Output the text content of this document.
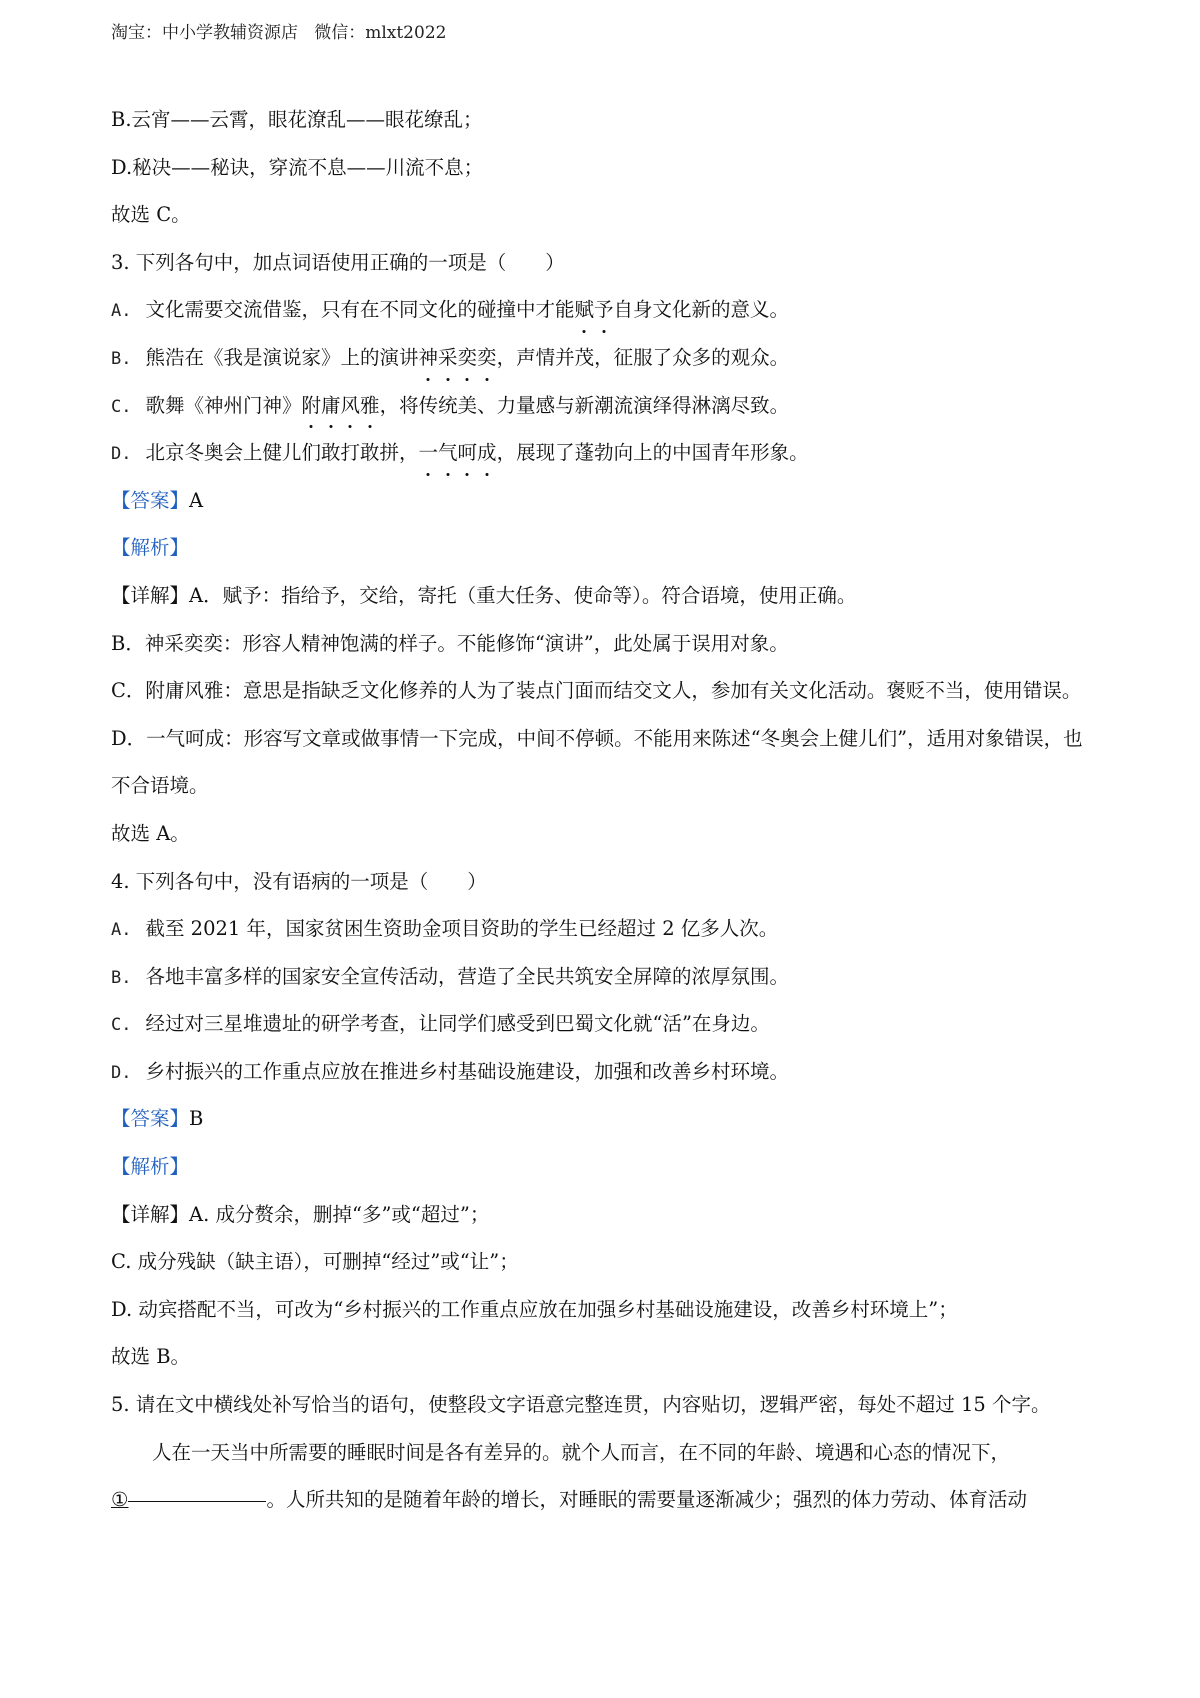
淘宝：中小学教辅资源店   微信：mlxt2022
B.云宵——云霄，眼花潦乱——眼花缭乱；
D.秘决——秘诀，穿流不息——川流不息；
故选 C。
3. 下列各句中，加点词语使用正确的一项是（　　）
A. 文化需要交流借鉴，只有在不同文化的碰撞中才能赋予自身文化新的意义。
B. 熊浩在《我是演说家》上的演讲神采奕奕，声情并茂，征服了众多的观众。
C. 歌舞《神州门神》附庸风雅，将传统美、力量感与新潮流演绎得淋漓尽致。
D. 北京冬奥会上健儿们敢打敢拼，一气呵成，展现了蓬勃向上的中国青年形象。
【答案】A
【解析】
【详解】A．赋予：指给予，交给，寄托（重大任务、使命等）。符合语境，使用正确。
B．神采奕奕：形容人精神饱满的样子。不能修饰“演讲”，此处属于误用对象。
C．附庸风雅：意思是指缺乏文化修养的人为了装点门面而结交文人，参加有关文化活动。褒贬不当，使用错误。
D．一气呵成：形容写文章或做事情一下完成，中间不停顿。不能用来陈述“冬奥会上健儿们”，适用对象错误，也不合语境。
故选 A。
4. 下列各句中，没有语病的一项是（　　）
A. 截至 2021 年，国家贫困生资助金项目资助的学生已经超过 2 亿多人次。
B. 各地丰富多样的国家安全宣传活动，营造了全民共筑安全屏障的浓厚氛围。
C. 经过对三星堆遗址的研学考查，让同学们感受到巴蜀文化就“活”在身边。
D. 乡村振兴的工作重点应放在推进乡村基础设施建设，加强和改善乡村环境。
【答案】B
【解析】
【详解】A. 成分赘余，删掉“多”或“超过”；
C. 成分残缺（缺主语），可删掉“经过”或“让”；
D. 动宾搭配不当，可改为“乡村振兴的工作重点应放在加强乡村基础设施建设，改善乡村环境上”；
故选 B。
5. 请在文中横线处补写恰当的语句，使整段文字语意完整连贯，内容贴切，逻辑严密，每处不超过 15 个字。
人在一天当中所需要的睡眠时间是各有差异的。就个人而言，在不同的年龄、境遇和心态的情况下，
①	。人所共知的是随着年龄的增长，对睡眠的需要量逐渐减少；强烈的体力劳动、体育活动
